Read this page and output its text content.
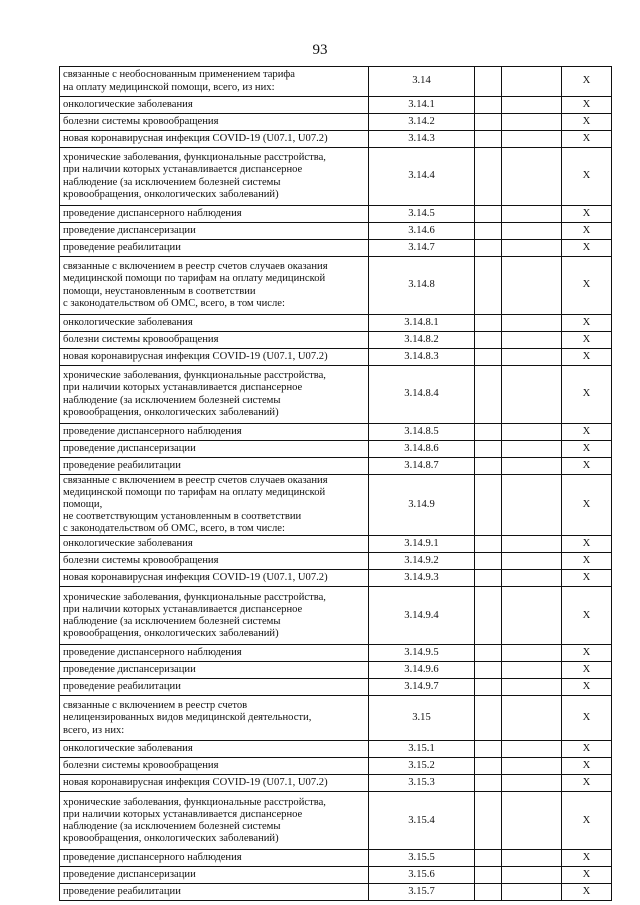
93
связанные с необоснованным применением тарифа
на оплату медицинской помощи, всего, из них:	3.14			X
онкологические заболевания	3.14.1			X
болезни системы кровообращения	3.14.2			X
новая коронавирусная инфекция COVID-19 (U07.1, U07.2)	3.14.3			X
хронические заболевания, функциональные расстройства,
при наличии которых устанавливается диспансерное
наблюдение (за исключением болезней системы
кровообращения, онкологических заболеваний)	3.14.4			X
проведение диспансерного наблюдения	3.14.5			X
проведение диспансеризации	3.14.6			X
проведение реабилитации	3.14.7			X
связанные с включением в реестр счетов случаев оказания
медицинской помощи по тарифам на оплату медицинской
помощи, неустановленным в соответствии
с законодательством об ОМС, всего, в том числе:	3.14.8			X
онкологические заболевания	3.14.8.1			X
болезни системы кровообращения	3.14.8.2			X
новая коронавирусная инфекция COVID-19 (U07.1, U07.2)	3.14.8.3			X
хронические заболевания, функциональные расстройства,
при наличии которых устанавливается диспансерное
наблюдение (за исключением болезней системы
кровообращения, онкологических заболеваний)	3.14.8.4			X
проведение диспансерного наблюдения	3.14.8.5			X
проведение диспансеризации	3.14.8.6			X
проведение реабилитации	3.14.8.7			X
связанные с включением в реестр счетов случаев оказания
медицинской помощи по тарифам на оплату медицинской помощи,
не соответствующим установленным в соответствии
с законодательством об ОМС, всего, в том числе:	3.14.9			X
онкологические заболевания	3.14.9.1			X
болезни системы кровообращения	3.14.9.2			X
новая коронавирусная инфекция COVID-19 (U07.1, U07.2)	3.14.9.3			X
хронические заболевания, функциональные расстройства,
при наличии которых устанавливается диспансерное
наблюдение (за исключением болезней системы
кровообращения, онкологических заболеваний)	3.14.9.4			X
проведение диспансерного наблюдения	3.14.9.5			X
проведение диспансеризации	3.14.9.6			X
проведение реабилитации	3.14.9.7			X
связанные с включением в реестр счетов
нелицензированных видов медицинской деятельности,
всего, из них:	3.15			X
онкологические заболевания	3.15.1			X
болезни системы кровообращения	3.15.2			X
новая коронавирусная инфекция COVID-19 (U07.1, U07.2)	3.15.3			X
хронические заболевания, функциональные расстройства,
при наличии которых устанавливается диспансерное
наблюдение (за исключением болезней системы
кровообращения, онкологических заболеваний)	3.15.4			X
проведение диспансерного наблюдения	3.15.5			X
проведение диспансеризации	3.15.6			X
проведение реабилитации	3.15.7			X
